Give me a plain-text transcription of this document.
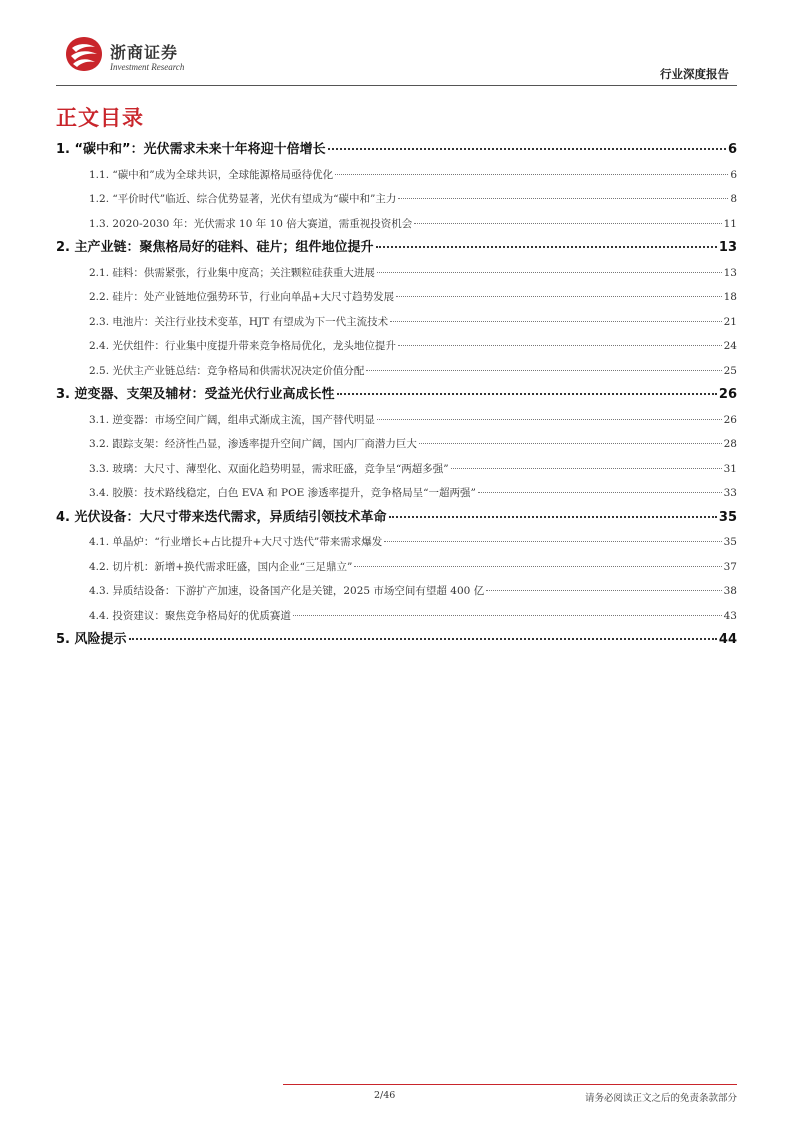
浙商证券
Investment Research	行业深度报告
正文目录
1. “碳中和”：光伏需求未来十年将迎十倍增长	6
1.1. “碳中和”成为全球共识，全球能源格局亟待优化	6
1.2. “平价时代”临近、综合优势显著，光伏有望成为“碳中和”主力	8
1.3. 2020-2030 年：光伏需求 10 年 10 倍大赛道，需重视投资机会	11
2. 主产业链：聚焦格局好的硅料、硅片；组件地位提升	13
2.1. 硅料：供需紧张，行业集中度高；关注颗粒硅获重大进展	13
2.2. 硅片：处产业链地位强势环节，行业向单晶+大尺寸趋势发展	18
2.3. 电池片：关注行业技术变革，HJT 有望成为下一代主流技术	21
2.4. 光伏组件：行业集中度提升带来竞争格局优化，龙头地位提升	24
2.5. 光伏主产业链总结：竞争格局和供需状况决定价值分配	25
3. 逆变器、支架及辅材：受益光伏行业高成长性	26
3.1. 逆变器：市场空间广阔，组串式渐成主流，国产替代明显	26
3.2. 跟踪支架：经济性凸显，渗透率提升空间广阔，国内厂商潜力巨大	28
3.3. 玻璃：大尺寸、薄型化、双面化趋势明显，需求旺盛，竞争呈“两超多强”	31
3.4. 胶膜：技术路线稳定，白色 EVA 和 POE 渗透率提升，竞争格局呈“一超两强”	33
4. 光伏设备：大尺寸带来迭代需求，异质结引领技术革命	35
4.1. 单晶炉：“行业增长+占比提升+大尺寸迭代”带来需求爆发	35
4.2. 切片机：新增+换代需求旺盛，国内企业“三足鼎立”	37
4.3. 异质结设备：下游扩产加速，设备国产化是关键，2025 市场空间有望超 400 亿	38
4.4. 投资建议：聚焦竞争格局好的优质赛道	43
5. 风险提示	44
2/46	请务必阅读正文之后的免责条款部分
